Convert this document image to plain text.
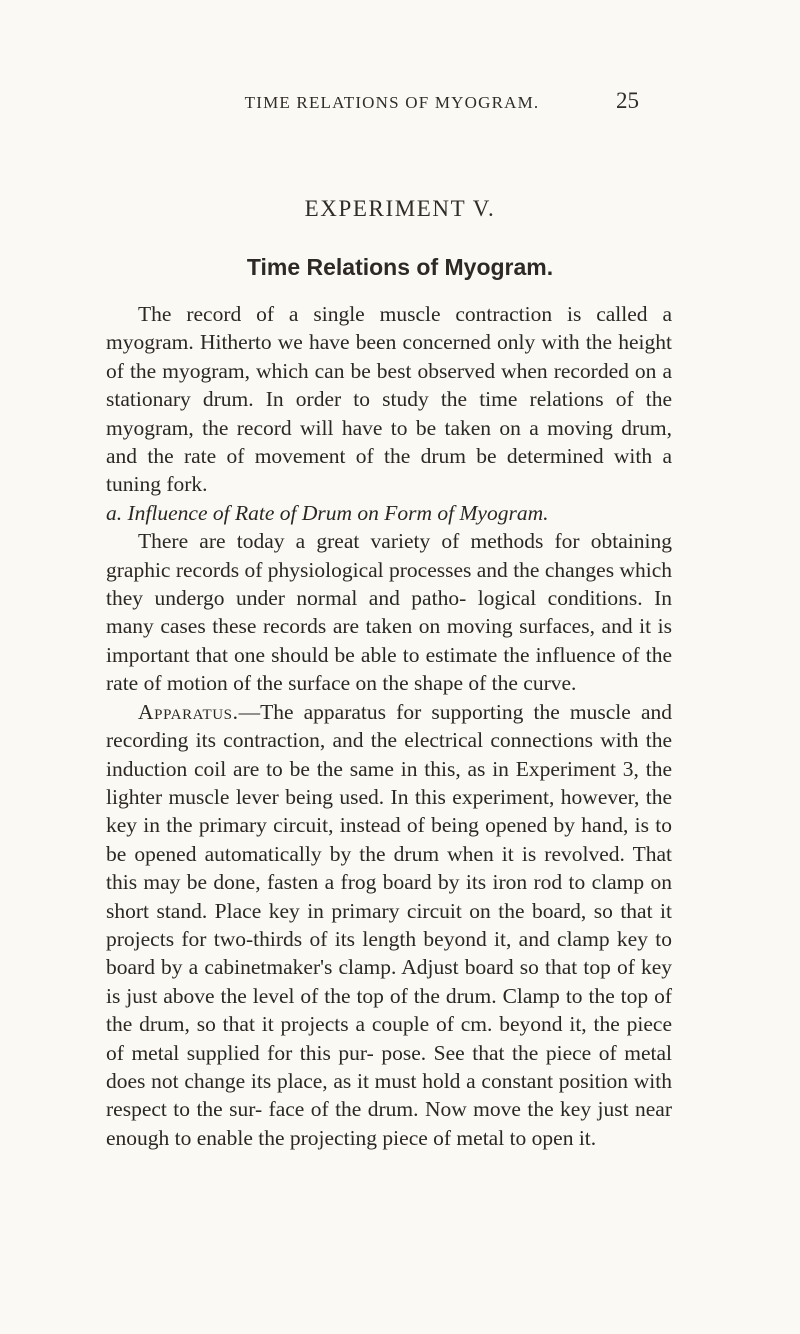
TIME RELATIONS OF MYOGRAM.	25
EXPERIMENT V.
Time Relations of Myogram.

The record of a single muscle contraction is called a myogram. Hitherto we have been concerned only with the height of the myogram, which can be best observed when recorded on a stationary drum. In order to study the time relations of the myogram, the record will have to be taken on a moving drum, and the rate of movement of the drum be determined with a tuning fork.

a. Influence of Rate of Drum on Form of Myogram.

There are today a great variety of methods for obtaining graphic records of physiological processes and the changes which they undergo under normal and patho- logical conditions. In many cases these records are taken on moving surfaces, and it is important that one should be able to estimate the influence of the rate of motion of the surface on the shape of the curve.

Apparatus.—The apparatus for supporting the muscle and recording its contraction, and the electrical connections with the induction coil are to be the same in this, as in Experiment 3, the lighter muscle lever being used. In this experiment, however, the key in the primary circuit, instead of being opened by hand, is to be opened automatically by the drum when it is revolved. That this may be done, fasten a frog board by its iron rod to clamp on short stand. Place key in primary circuit on the board, so that it projects for two-thirds of its length beyond it, and clamp key to board by a cabinetmaker's clamp. Adjust board so that top of key is just above the level of the top of the drum. Clamp to the top of the drum, so that it projects a couple of cm. beyond it, the piece of metal supplied for this pur- pose. See that the piece of metal does not change its place, as it must hold a constant position with respect to the sur- face of the drum. Now move the key just near enough to enable the projecting piece of metal to open it.
